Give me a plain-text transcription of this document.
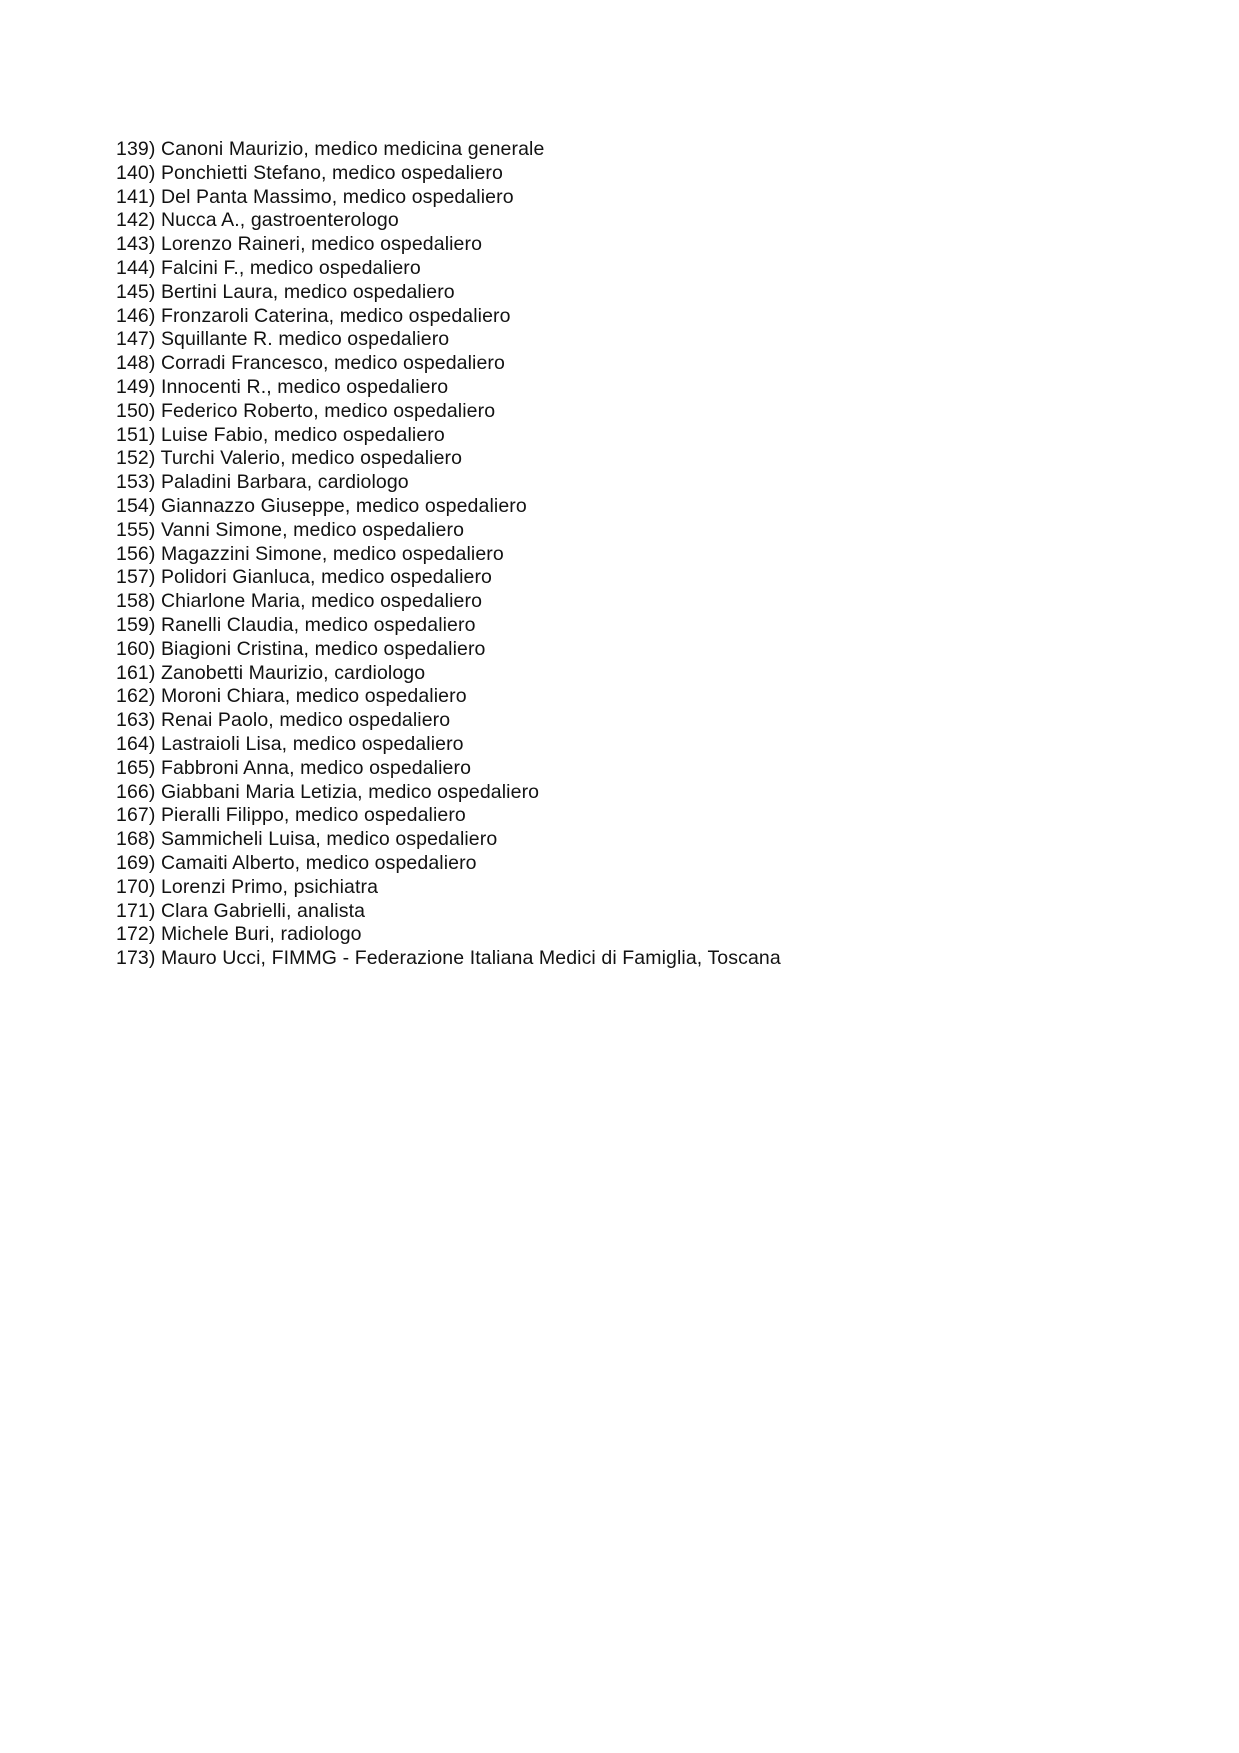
139) Canoni Maurizio, medico medicina generale
140) Ponchietti Stefano, medico ospedaliero
141) Del Panta Massimo, medico ospedaliero
142) Nucca A., gastroenterologo
143) Lorenzo Raineri, medico ospedaliero
144) Falcini F., medico ospedaliero
145) Bertini Laura, medico ospedaliero
146) Fronzaroli Caterina, medico ospedaliero
147) Squillante R. medico ospedaliero
148) Corradi Francesco, medico ospedaliero
149) Innocenti R., medico ospedaliero
150) Federico Roberto, medico ospedaliero
151) Luise Fabio, medico ospedaliero
152) Turchi Valerio, medico ospedaliero
153) Paladini Barbara, cardiologo
154) Giannazzo Giuseppe, medico ospedaliero
155) Vanni Simone, medico ospedaliero
156) Magazzini Simone, medico ospedaliero
157) Polidori Gianluca, medico ospedaliero
158) Chiarlone Maria, medico ospedaliero
159) Ranelli Claudia, medico ospedaliero
160) Biagioni Cristina, medico ospedaliero
161) Zanobetti Maurizio, cardiologo
162) Moroni Chiara, medico ospedaliero
163) Renai Paolo, medico ospedaliero
164) Lastraioli Lisa, medico ospedaliero
165) Fabbroni Anna, medico ospedaliero
166) Giabbani Maria Letizia, medico ospedaliero
167) Pieralli Filippo, medico ospedaliero
168) Sammicheli Luisa, medico ospedaliero
169) Camaiti Alberto, medico ospedaliero
170) Lorenzi Primo, psichiatra
171) Clara Gabrielli, analista
172) Michele Buri, radiologo
173) Mauro Ucci, FIMMG - Federazione Italiana Medici di Famiglia, Toscana
